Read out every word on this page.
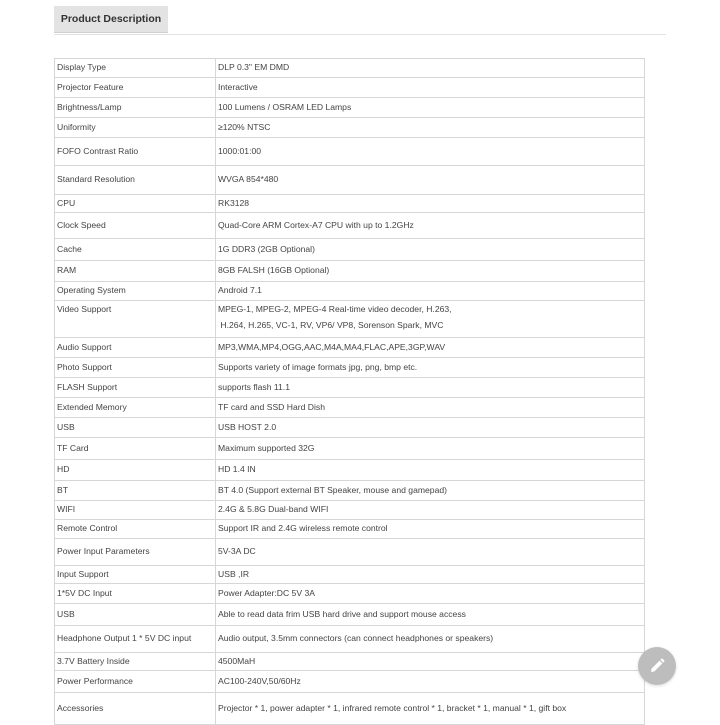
Product Description
Display Type	DLP 0.3" EM DMD
Projector Feature	Interactive
Brightness/Lamp	100 Lumens / OSRAM LED Lamps
Uniformity	≥120% NTSC
FOFO Contrast Ratio	1000:01:00
Standard Resolution	WVGA 854*480
CPU	RK3128
Clock Speed	Quad-Core ARM Cortex-A7 CPU with up to 1.2GHz
Cache	1G DDR3 (2GB Optional)
RAM	8GB FALSH (16GB Optional)
Operating System	Android 7.1
Video Support	MPEG-1, MPEG-2, MPEG-4 Real-time video decoder, H.263,
H.264, H.265, VC-1, RV, VP6/ VP8, Sorenson Spark, MVC

Audio Support	MP3,WMA,MP4,OGG,AAC,M4A,MA4,FLAC,APE,3GP,WAV
Photo Support	Supports variety of image formats jpg, png, bmp etc.
FLASH Support	supports flash 11.1
Extended Memory	TF card and SSD Hard Dish
USB	USB HOST 2.0
TF Card	Maximum supported 32G
HD	HD 1.4 IN
BT	BT 4.0 (Support external BT Speaker, mouse and gamepad)
WIFI	2.4G & 5.8G Dual-band WIFI
Remote Control	Support IR and 2.4G wireless remote control
Power Input Parameters	5V-3A DC
Input Support	USB ,IR
1*5V DC Input	Power Adapter:DC 5V 3A
USB	Able to read data frim USB hard drive and support mouse access
Headphone Output 1 * 5V DC input	Audio output, 3.5mm connectors (can connect headphones or speakers)
3.7V Battery Inside	4500MaH
Power Performance	AC100-240V,50/60Hz
Accessories	Projector * 1, power adapter * 1, infrared remote control * 1, bracket * 1, manual * 1, gift box
